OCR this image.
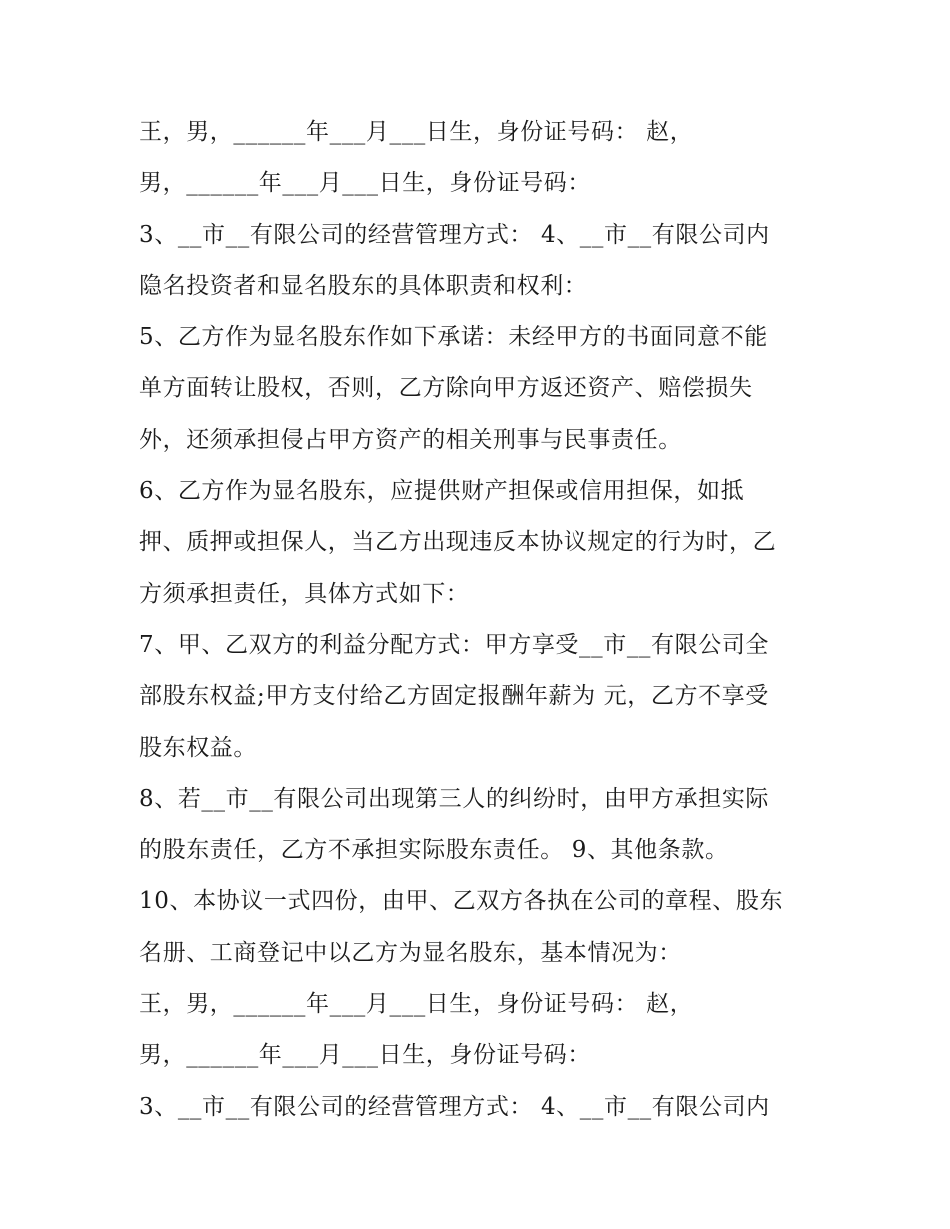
王，男，______年___月___日生，身份证号码： 赵，
男，______年___月___日生，身份证号码：
3、__市__有限公司的经营管理方式： 4、__市__有限公司内
隐名投资者和显名股东的具体职责和权利：
5、乙方作为显名股东作如下承诺：未经甲方的书面同意不能
单方面转让股权，否则，乙方除向甲方返还资产、赔偿损失
外，还须承担侵占甲方资产的相关刑事与民事责任。
6、乙方作为显名股东，应提供财产担保或信用担保，如抵
押、质押或担保人，当乙方出现违反本协议规定的行为时，乙
方须承担责任，具体方式如下：
7、甲、乙双方的利益分配方式：甲方享受__市__有限公司全
部股东权益;甲方支付给乙方固定报酬年薪为 元，乙方不享受
股东权益。
8、若__市__有限公司出现第三人的纠纷时，由甲方承担实际
的股东责任，乙方不承担实际股东责任。 9、其他条款。
10、本协议一式四份，由甲、乙双方各执在公司的章程、股东
名册、工商登记中以乙方为显名股东，基本情况为：
王，男，______年___月___日生，身份证号码： 赵，
男，______年___月___日生，身份证号码：
3、__市__有限公司的经营管理方式： 4、__市__有限公司内
